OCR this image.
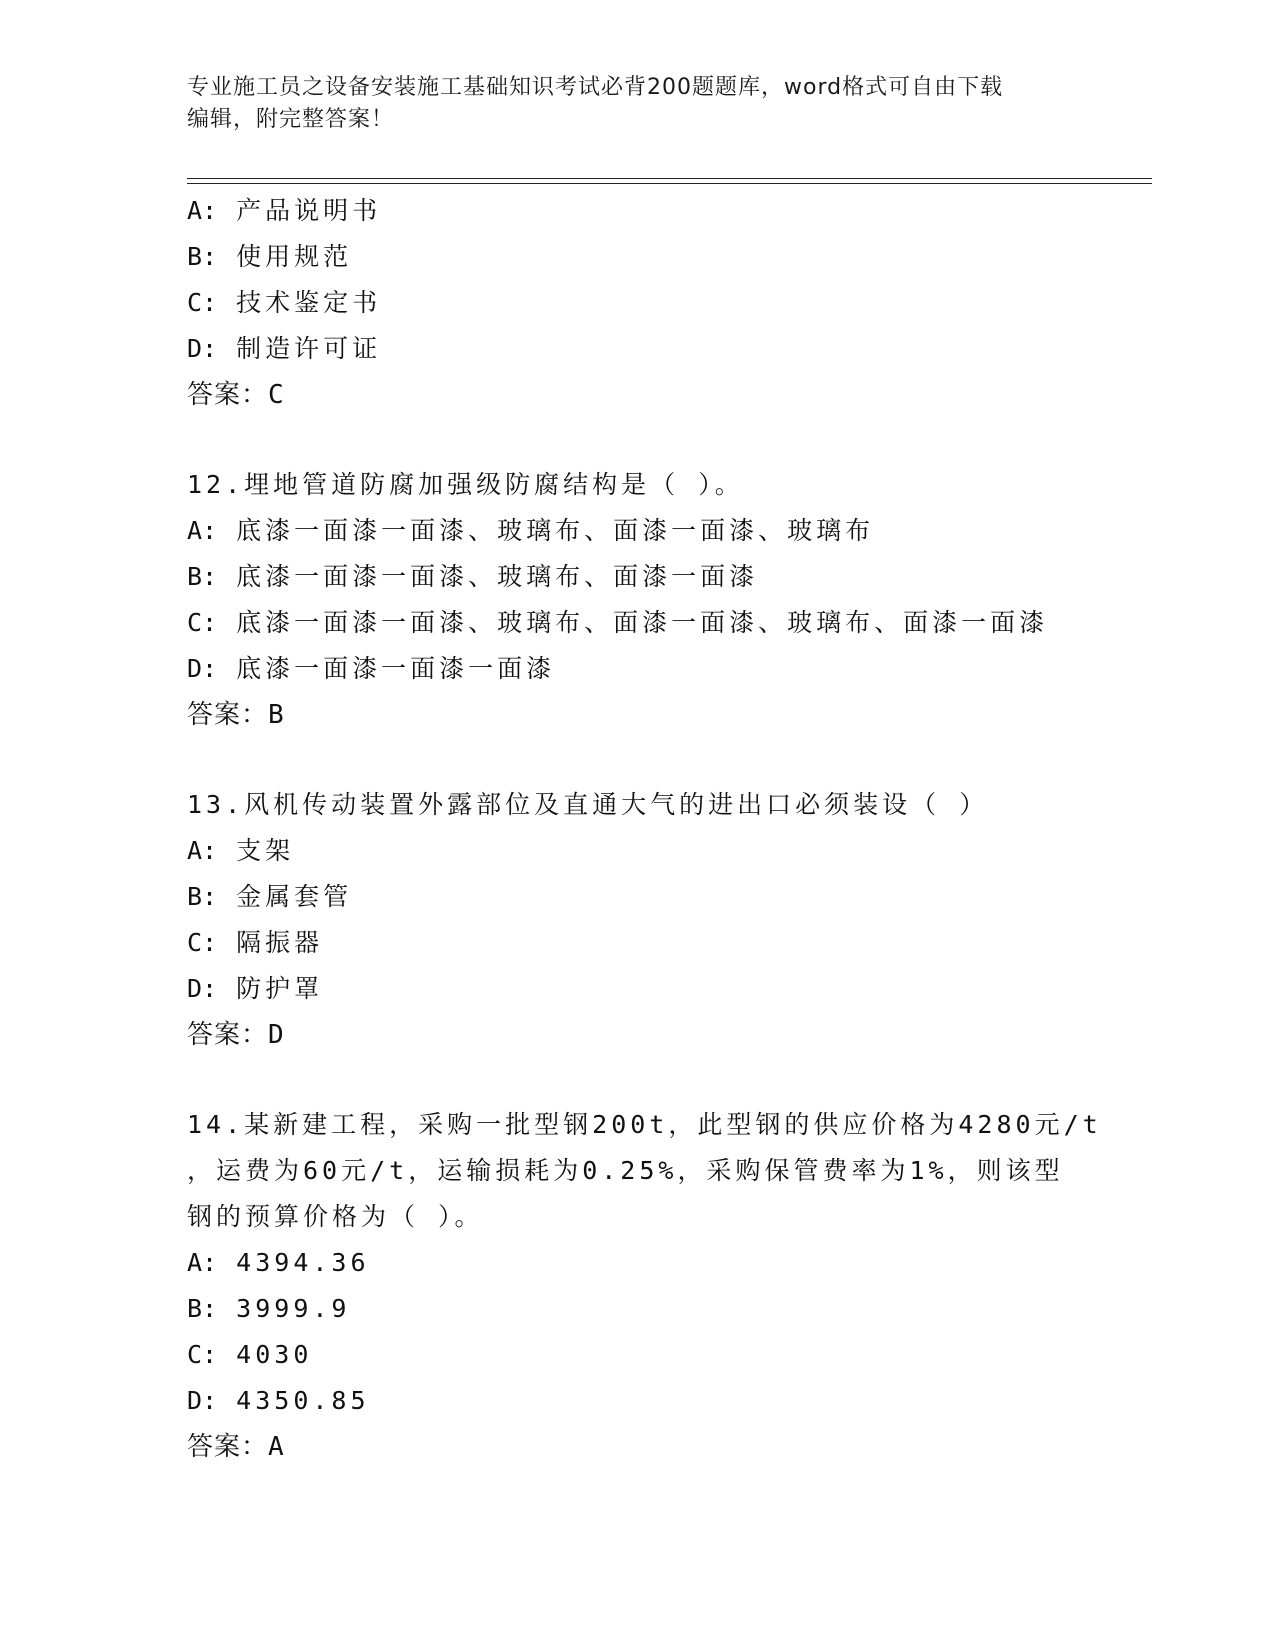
专业施工员之设备安装施工基础知识考试必背200题题库，word格式可自由下载
编辑，附完整答案！
A: 产品说明书
B: 使用规范
C: 技术鉴定书
D: 制造许可证
答案：C
12.埋地管道防腐加强级防腐结构是（ ）。
A: 底漆一面漆一面漆、玻璃布、面漆一面漆、玻璃布
B: 底漆一面漆一面漆、玻璃布、面漆一面漆
C: 底漆一面漆一面漆、玻璃布、面漆一面漆、玻璃布、面漆一面漆
D: 底漆一面漆一面漆一面漆
答案：B
13.风机传动装置外露部位及直通大气的进出口必须装设（ ）
A: 支架
B: 金属套管
C: 隔振器
D: 防护罩
答案：D
14.某新建工程，采购一批型钢200t，此型钢的供应价格为4280元/t
，运费为60元/t，运输损耗为0.25%，采购保管费率为1%，则该型
钢的预算价格为（ ）。
A: 4394.36
B: 3999.9
C: 4030
D: 4350.85
答案：A
